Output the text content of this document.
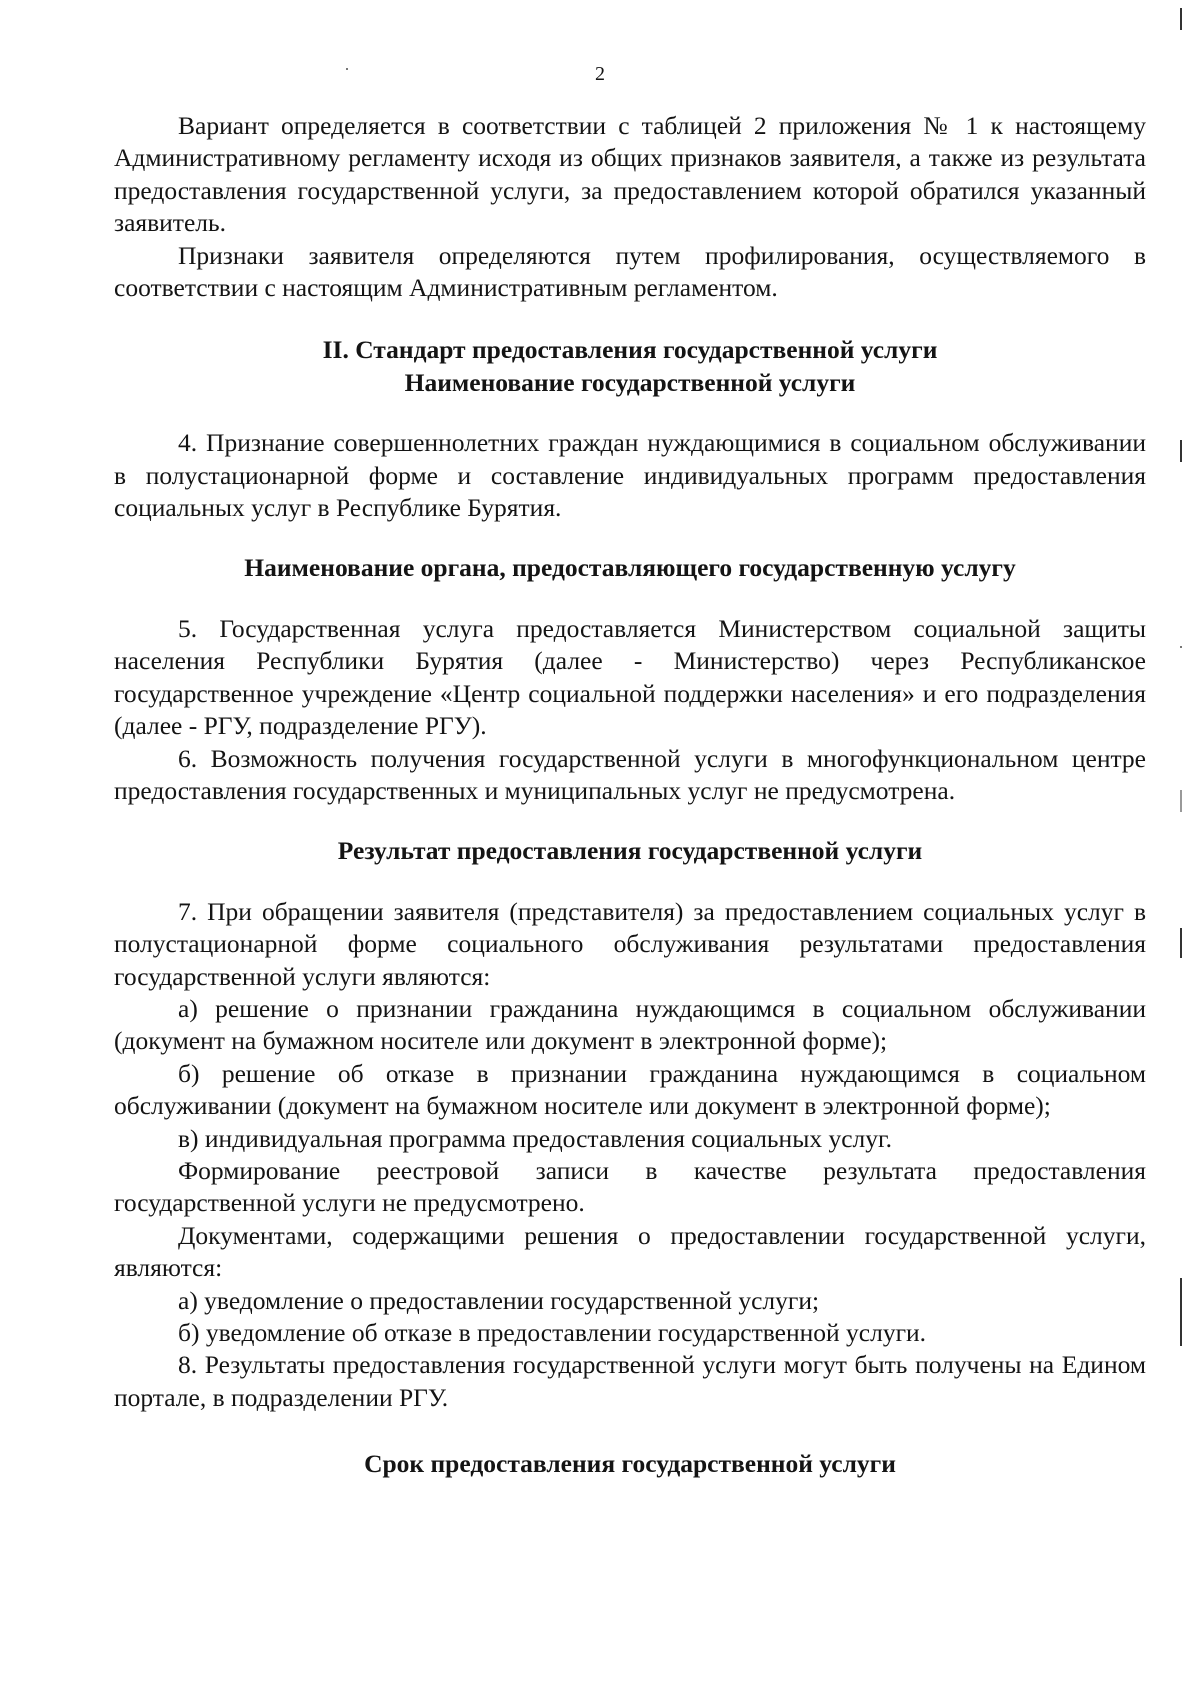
2

Вариант определяется в соответствии с таблицей 2 приложения № 1 к настоящему Административному регламенту исходя из общих признаков заявителя, а также из результата предоставления государственной услуги, за предоставлением которой обратился указанный заявитель.

Признаки заявителя определяются путем профилирования, осуществляемого в соответствии с настоящим Административным регламентом.

II. Стандарт предоставления государственной услуги

Наименование государственной услуги

4. Признание совершеннолетних граждан нуждающимися в социальном обслуживании в полустационарной форме и составление индивидуальных программ предоставления социальных услуг в Республике Бурятия.

Наименование органа, предоставляющего государственную услугу

5. Государственная услуга предоставляется Министерством социальной защиты населения Республики Бурятия (далее - Министерство) через Республиканское государственное учреждение «Центр социальной поддержки населения» и его подразделения (далее - РГУ, подразделение РГУ).

6. Возможность получения государственной услуги в многофункциональном центре предоставления государственных и муниципальных услуг не предусмотрена.

Результат предоставления государственной услуги

7. При обращении заявителя (представителя) за предоставлением социальных услуг в полустационарной форме социального обслуживания результатами предоставления государственной услуги являются:

а) решение о признании гражданина нуждающимся в социальном обслуживании (документ на бумажном носителе или документ в электронной форме);

б) решение об отказе в признании гражданина нуждающимся в социальном обслуживании (документ на бумажном носителе или документ в электронной форме);

в) индивидуальная программа предоставления социальных услуг.

Формирование реестровой записи в качестве результата предоставления государственной услуги не предусмотрено.

Документами, содержащими решения о предоставлении государственной услуги, являются:

а) уведомление о предоставлении государственной услуги;

б) уведомление об отказе в предоставлении государственной услуги.

8. Результаты предоставления государственной услуги могут быть получены на Едином портале, в подразделении РГУ.

Срок предоставления государственной услуги
